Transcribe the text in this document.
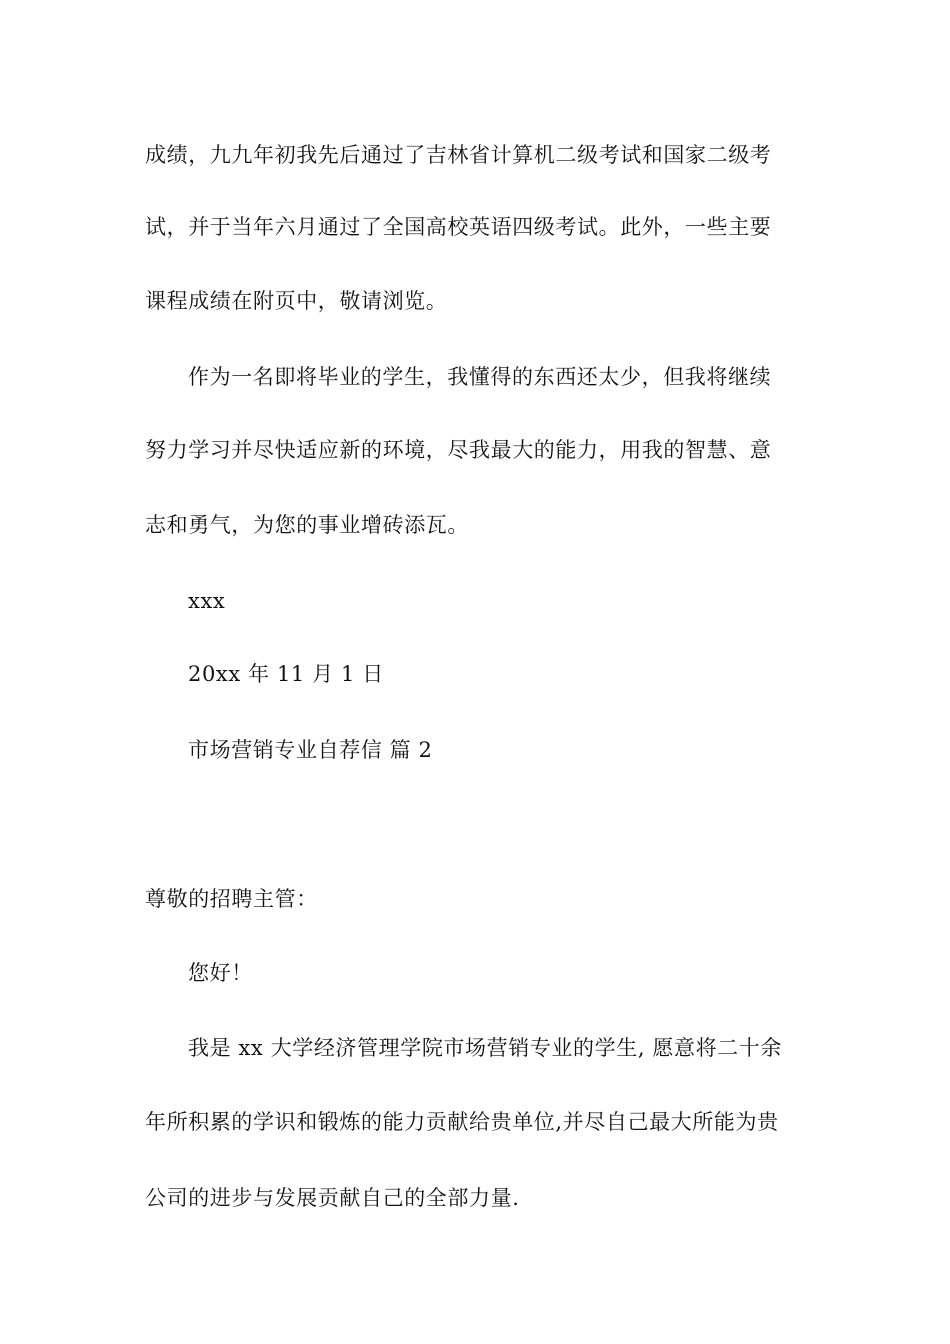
成绩，九九年初我先后通过了吉林省计算机二级考试和国家二级考
试，并于当年六月通过了全国高校英语四级考试。此外，一些主要
课程成绩在附页中，敬请浏览。
作为一名即将毕业的学生，我懂得的东西还太少，但我将继续
努力学习并尽快适应新的环境，尽我最大的能力，用我的智慧、意
志和勇气，为您的事业增砖添瓦。
xxx
20xx 年 11 月 1 日
市场营销专业自荐信 篇 2
尊敬的招聘主管：
您好！
我是 xx 大学经济管理学院市场营销专业的学生, 愿意将二十余
年所积累的学识和锻炼的能力贡献给贵单位,并尽自己最大所能为贵
公司的进步与发展贡献自己的全部力量.
